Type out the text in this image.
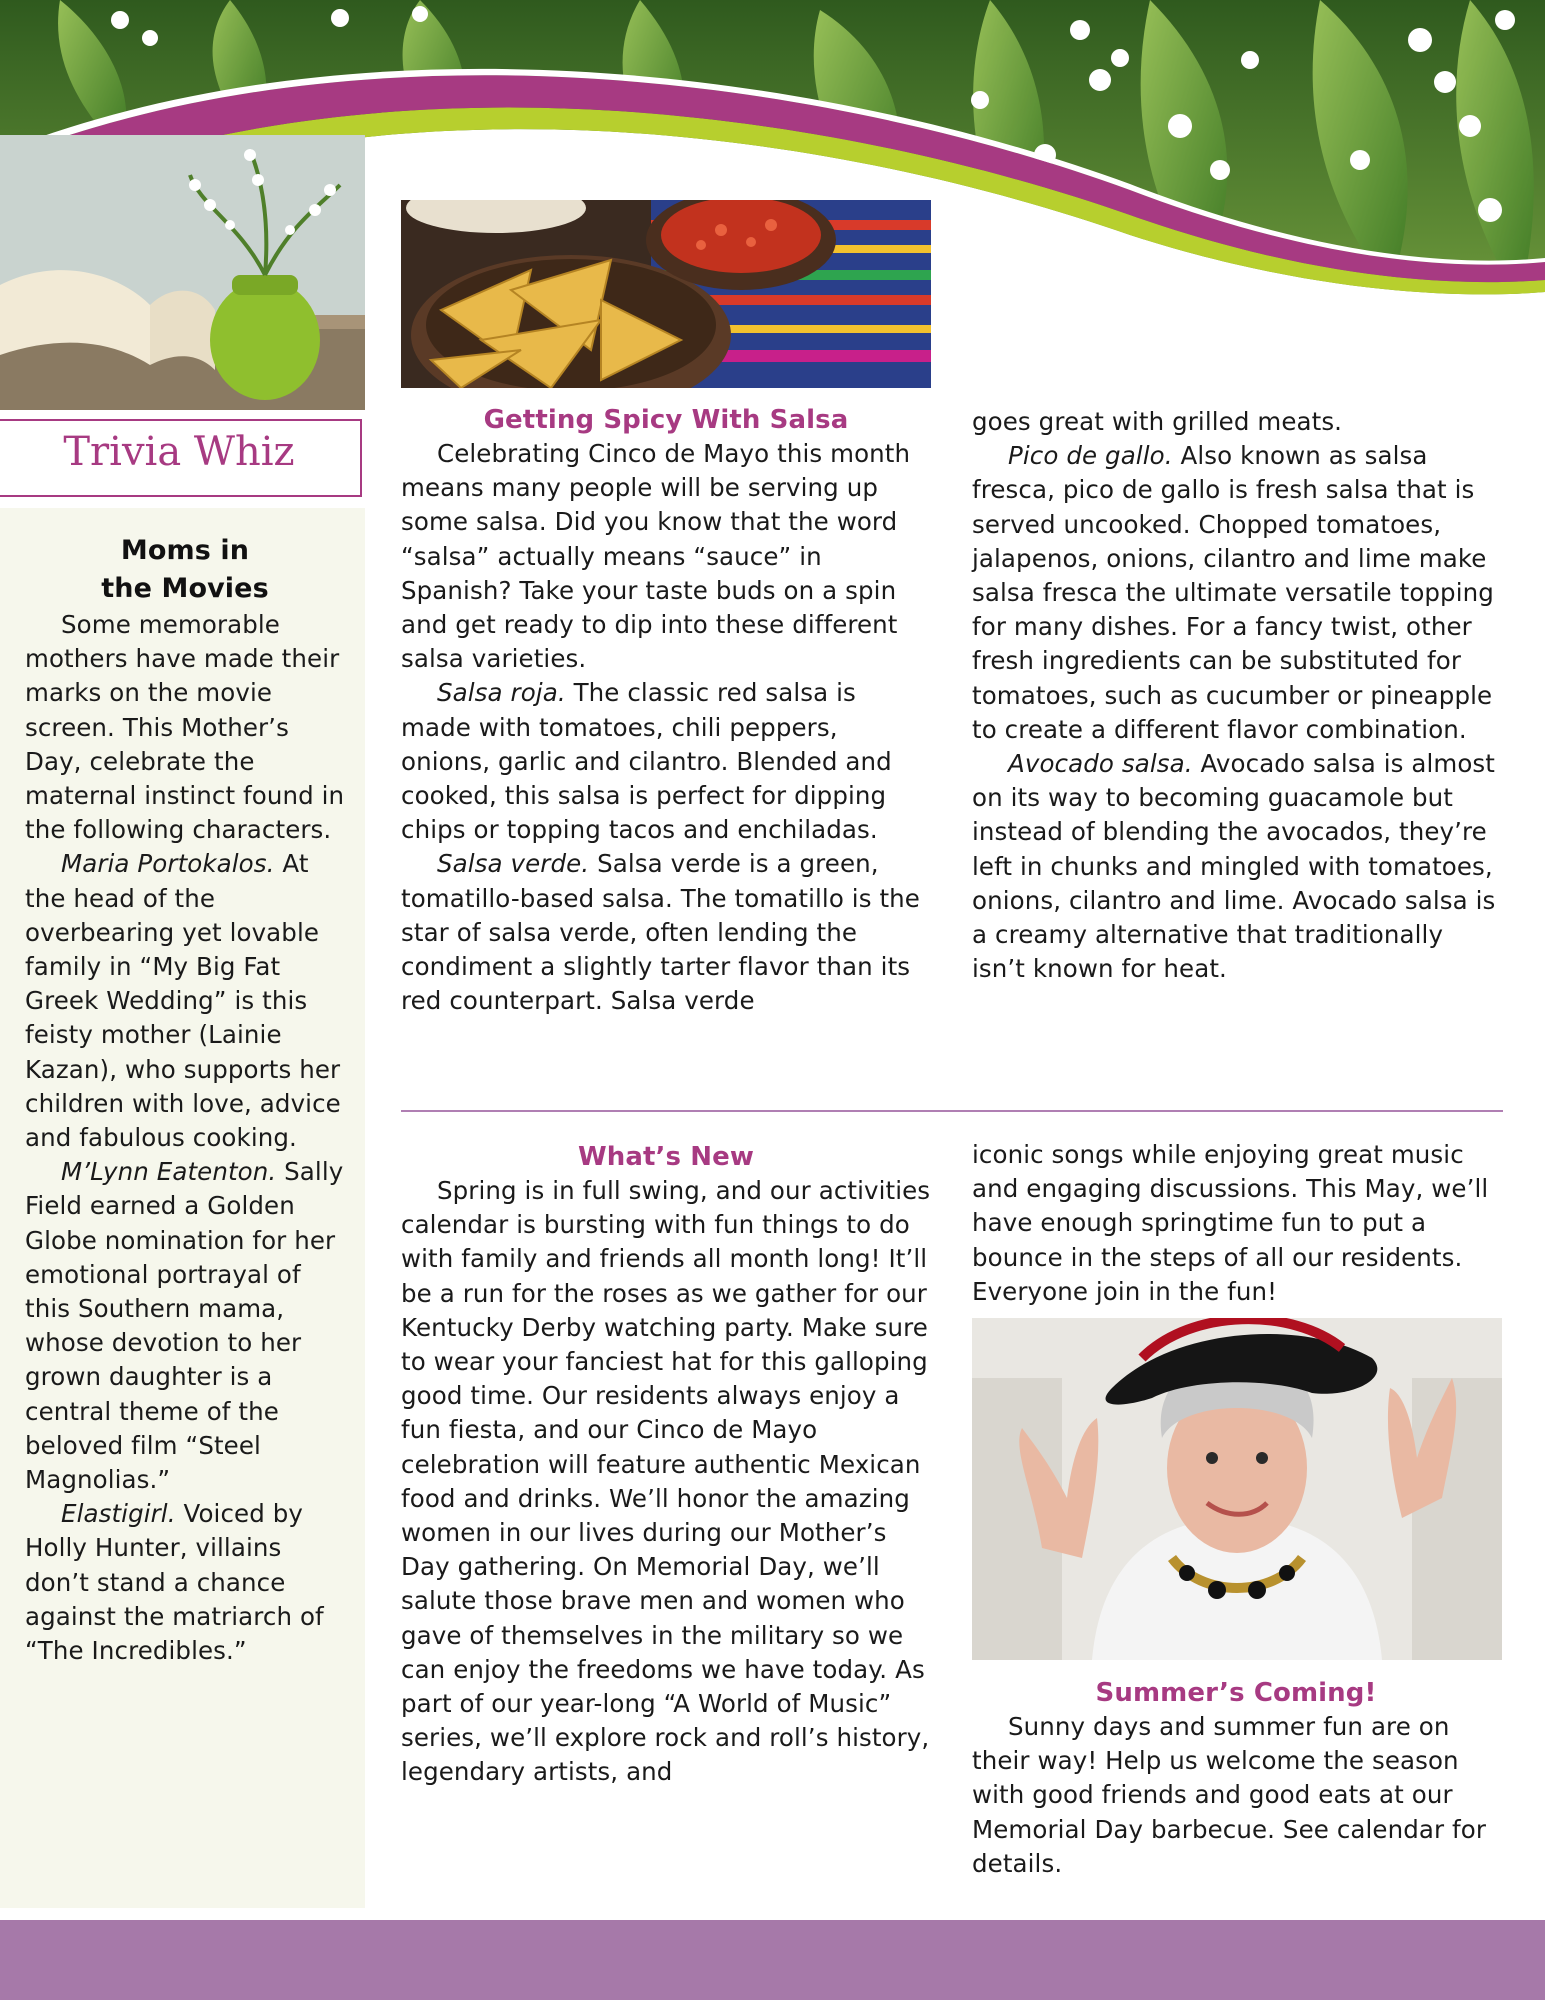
Trivia Whiz
Moms in
the Movies

Some memorable mothers have made their marks on the movie screen. This Mother’s Day, celebrate the maternal instinct found in the following characters.

Maria Portokalos. At the head of the overbearing yet lovable family in “My Big Fat Greek Wedding” is this feisty mother (Lainie Kazan), who supports her children with love, advice and fabulous cooking.

M’Lynn Eatenton. Sally Field earned a Golden Globe nomination for her emotional portrayal of this Southern mama, whose devotion to her grown daughter is a central theme of the beloved film “Steel Magnolias.”

Elastigirl. Voiced by Holly Hunter, villains don’t stand a chance against the matriarch of “The Incredibles.”

Getting Spicy With Salsa

Celebrating Cinco de Mayo this month means many people will be serving up some salsa. Did you know that the word “salsa” actually means “sauce” in Spanish? Take your taste buds on a spin and get ready to dip into these different salsa varieties.

Salsa roja. The classic red salsa is made with tomatoes, chili peppers, onions, garlic and cilantro. Blended and cooked, this salsa is perfect for dipping chips or topping tacos and enchiladas.

Salsa verde. Salsa verde is a green, tomatillo-based salsa. The tomatillo is the star of salsa verde, often lending the condiment a slightly tarter flavor than its red counterpart. Salsa verde

goes great with grilled meats.

Pico de gallo. Also known as salsa fresca, pico de gallo is fresh salsa that is served uncooked. Chopped tomatoes, jalapenos, onions, cilantro and lime make salsa fresca the ultimate versatile topping for many dishes. For a fancy twist, other fresh ingredients can be substituted for tomatoes, such as cucumber or pineapple to create a different flavor combination.

Avocado salsa. Avocado salsa is almost on its way to becoming guacamole but instead of blending the avocados, they’re left in chunks and mingled with tomatoes, onions, cilantro and lime. Avocado salsa is a creamy alternative that traditionally isn’t known for heat.

What’s New

Spring is in full swing, and our activities calendar is bursting with fun things to do with family and friends all month long! It’ll be a run for the roses as we gather for our Kentucky Derby watching party. Make sure to wear your fanciest hat for this galloping good time. Our residents always enjoy a fun fiesta, and our Cinco de Mayo celebration will feature authentic Mexican food and drinks. We’ll honor the amazing women in our lives during our Mother’s Day gathering. On Memorial Day, we’ll salute those brave men and women who gave of themselves in the military so we can enjoy the freedoms we have today. As part of our year-long “A World of Music” series, we’ll explore rock and roll’s history, legendary artists, and

iconic songs while enjoying great music and engaging discussions. This May, we’ll have enough springtime fun to put a bounce in the steps of all our residents. Everyone join in the fun!

Summer’s Coming!

Sunny days and summer fun are on their way! Help us welcome the season with good friends and good eats at our Memorial Day barbecue. See calendar for details.
